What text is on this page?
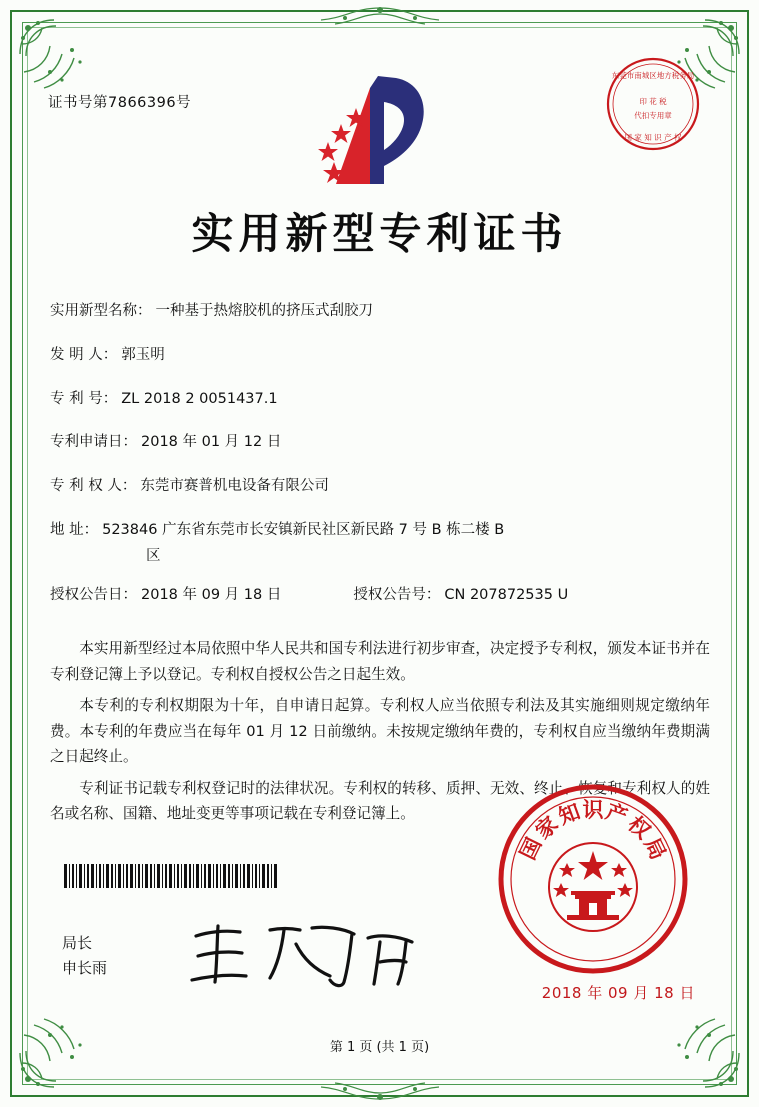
证书号第7866396号
东莞市南城区地方税务局
印 花 税
代扣专用章
国 家 知 识 产 权
实用新型专利证书
实用新型名称： 一种基于热熔胶机的挤压式刮胶刀
发 明 人： 郭玉明
专 利 号： ZL 2018 2 0051437.1
专利申请日： 2018 年 01 月 12 日
专 利 权 人： 东莞市赛普机电设备有限公司
地 址： 523846 广东省东莞市长安镇新民社区新民路 7 号 B 栋二楼 B
区
授权公告日： 2018 年 09 月 18 日	授权公告号： CN 207872535 U

本实用新型经过本局依照中华人民共和国专利法进行初步审查，决定授予专利权，颁发本证书并在专利登记簿上予以登记。专利权自授权公告之日起生效。

本专利的专利权期限为十年，自申请日起算。专利权人应当依照专利法及其实施细则规定缴纳年费。本专利的年费应当在每年 01 月 12 日前缴纳。未按规定缴纳年费的，专利权自应当缴纳年费期满之日起终止。

专利证书记载专利权登记时的法律状况。专利权的转移、质押、无效、终止、恢复和专利权人的姓名或名称、国籍、地址变更等事项记载在专利登记簿上。

局长
申长雨
国
家
知 识 产
权
局
2018 年 09 月 18 日
第 1 页 (共 1 页)
